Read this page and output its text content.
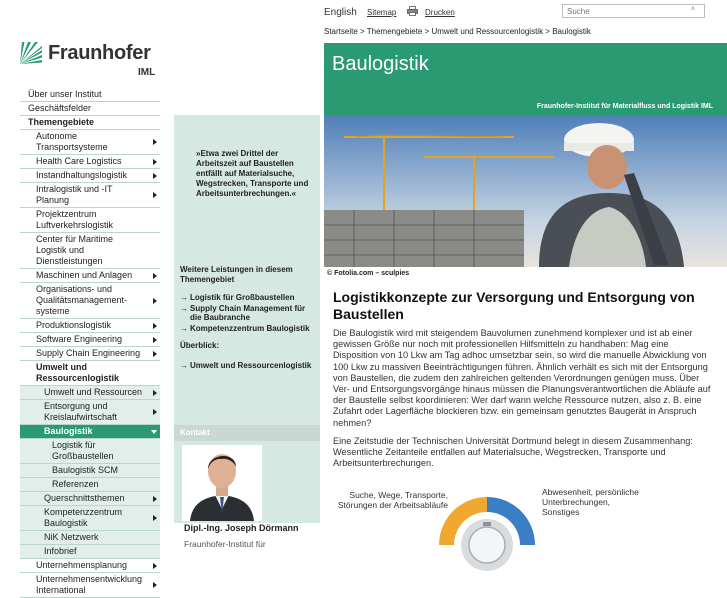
English Sitemap	Drucken
Suche	˄
Fraunhofer
IML
Über unser Institut
Geschäftsfelder
Themengebiete
Autonome Transportsysteme
Health Care Logistics
Instandhaltungslogistik
Intralogistik und -IT Planung
Projektzentrum Luftverkehrslogistik
Center für Maritime Logistik und Dienstleistungen
Maschinen und Anlagen
Organisations- und Qualitätsmanagement-systeme
Produktionslogistik
Software Engineering
Supply Chain Engineering
Umwelt und Ressourcenlogistik
Umwelt und Ressourcen
Entsorgung und Kreislaufwirtschaft
Baulogistik
Logistik für Großbaustellen
Baulogistik SCM
Referenzen
Querschnittsthemen
Kompetenzzentrum Baulogistik
NiK Netzwerk
Infobrief
Unternehmensplanung
Unternehmensentwicklung International
»Etwa zwei Drittel der Arbeitszeit auf Baustellen entfällt auf Materialsuche, Wegstrecken, Transporte und Arbeitsunterbrechungen.«
Weitere Leistungen in diesem Themengebiet
→ Logistik für Großbaustellen
→ Supply Chain Management für die Baubranche
→ Kompetenzzentrum Baulogistik
Überblick:
→ Umwelt und Ressourcenlogistik
Kontakt
Dipl.-Ing. Joseph Dörmann
Fraunhofer-Institut für
Startseite > Themengebiete > Umwelt und Ressourcenlogistik > Baulogistik
Baulogistik
Fraunhofer-Institut für Materialfluss und Logistik IML
© Fotolia.com – sculpies
Logistikkonzepte zur Versorgung und Entsorgung von Baustellen
Die Baulogistik wird mit steigendem Bauvolumen zunehmend komplexer und ist ab einer gewissen Größe nur noch mit professionellen Hilfsmitteln zu handhaben: Mag eine Disposition von 10 Lkw am Tag adhoc umsetzbar sein, so wird die manuelle Abwicklung von 100 Lkw zu massiven Beeinträchtigungen führen. Ähnlich verhält es sich mit der Entsorgung von Baustellen, die zudem den zahlreichen geltenden Verordnungen genügen muss. Über Ver- und Entsorgungsvorgänge hinaus müssen die Planungsverantwortlichen die Abläufe auf der Baustelle selbst koordinieren: Wer darf wann welche Ressource nutzen, also z. B. eine Zufahrt oder Lagerfläche blockieren bzw. ein gemeinsam genutztes Baugerät in Anspruch nehmen?
Eine Zeitstudie der Technischen Universität Dortmund belegt in diesem Zusammenhang: Wesentliche Zeitanteile entfallen auf Materialsuche, Wegstrecken, Transporte und Arbeitsunterbrechungen.
Suche, Wege, Transporte, Störungen der Arbeitsabläufe
Abwesenheit, persönliche Unterbrechungen, Sonstiges
